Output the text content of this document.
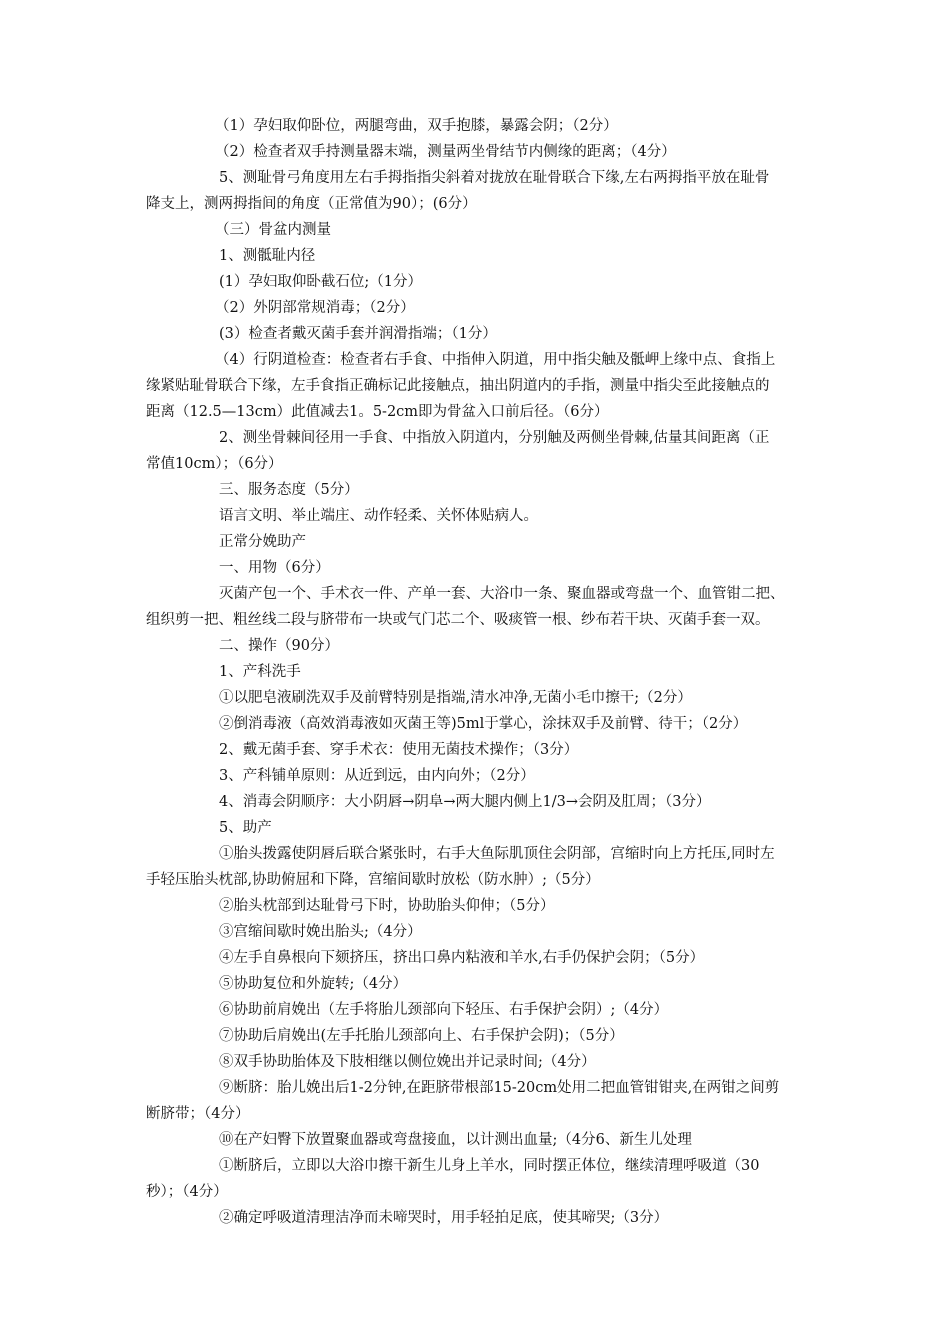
（1）孕妇取仰卧位，两腿弯曲，双手抱膝，暴露会阴；（2分）

（2）检查者双手持测量器末端，测量两坐骨结节内侧缘的距离；（4分）

5、测耻骨弓角度用左右手拇指指尖斜着对拢放在耻骨联合下缘,左右两拇指平放在耻骨

降支上，测两拇指间的角度（正常值为90）；(6分）

（三）骨盆内测量

1、测骶耻内径

(1）孕妇取仰卧截石位;（1分）

（2）外阴部常规消毒；（2分）

(3）检查者戴灭菌手套并润滑指端；（1分）

（4）行阴道检查：检查者右手食、中指伸入阴道，用中指尖触及骶岬上缘中点、食指上

缘紧贴耻骨联合下缘，左手食指正确标记此接触点，抽出阴道内的手指，测量中指尖至此接触点的

距离（12.5—13cm）此值减去1。5-2cm即为骨盆入口前后径。（6分）

2、测坐骨棘间径用一手食、中指放入阴道内，分别触及两侧坐骨棘,估量其间距离（正

常值10cm）；（6分）

三、服务态度（5分）

语言文明、举止端庄、动作轻柔、关怀体贴病人。

正常分娩助产

一、用物（6分）

灭菌产包一个、手术衣一件、产单一套、大浴巾一条、聚血器或弯盘一个、血管钳二把、

组织剪一把、粗丝线二段与脐带布一块或气门芯二个、吸痰管一根、纱布若干块、灭菌手套一双。

二、操作（90分）

1、产科洗手

①以肥皂液刷洗双手及前臂特别是指端,清水冲净,无菌小毛巾擦干;（2分）

②倒消毒液（高效消毒液如灭菌王等)5ml于掌心，涂抹双手及前臂、待干；（2分）

2、戴无菌手套、穿手术衣：使用无菌技术操作；（3分）

3、产科铺单原则：从近到远，由内向外；（2分）

4、消毒会阴顺序：大小阴唇→阴阜→两大腿内侧上1/3→会阴及肛周；（3分）

5、助产

①胎头拨露使阴唇后联合紧张时，右手大鱼际肌顶住会阴部，宫缩时向上方托压,同时左

手轻压胎头枕部,协助俯屈和下降，宫缩间歇时放松（防水肿）;（5分）

②胎头枕部到达耻骨弓下时，协助胎头仰伸；（5分）

③宫缩间歇时娩出胎头;（4分）

④左手自鼻根向下颏挤压，挤出口鼻内粘液和羊水,右手仍保护会阴；（5分）

⑤协助复位和外旋转;（4分）

⑥协助前肩娩出（左手将胎儿颈部向下轻压、右手保护会阴）;（4分）

⑦协助后肩娩出(左手托胎儿颈部向上、右手保护会阴)；（5分）

⑧双手协助胎体及下肢相继以侧位娩出并记录时间;（4分）

⑨断脐：胎儿娩出后1-2分钟,在距脐带根部15-20cm处用二把血管钳钳夹,在两钳之间剪

断脐带；（4分）

⑩在产妇臀下放置聚血器或弯盘接血，以计测出血量;（4分6、新生儿处理

①断脐后，立即以大浴巾擦干新生儿身上羊水，同时摆正体位，继续清理呼吸道（30

秒）；（4分）

②确定呼吸道清理洁净而未啼哭时，用手轻拍足底，使其啼哭;（3分）
